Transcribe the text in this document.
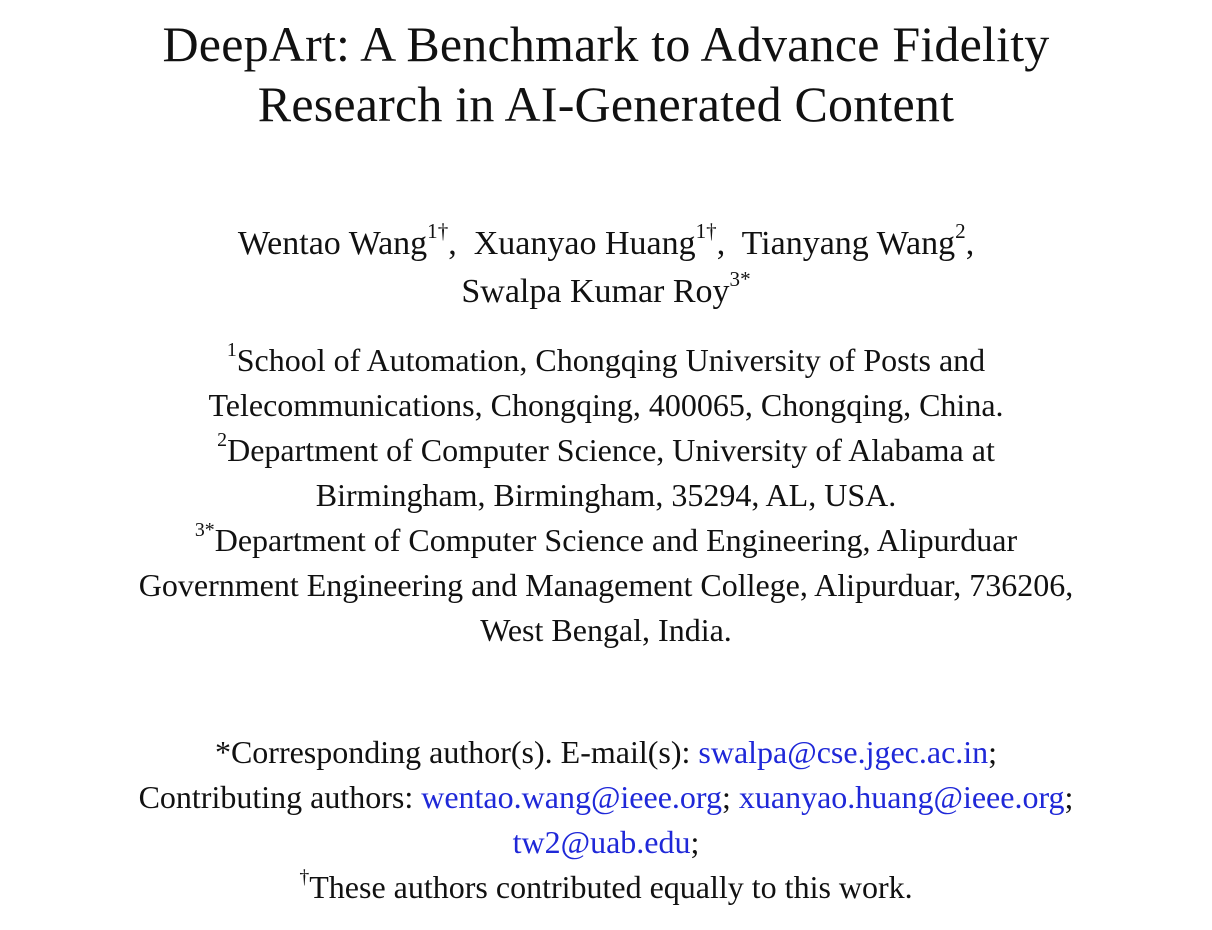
DeepArt: A Benchmark to Advance Fidelity
Research in AI-Generated Content
Wentao Wang$^{1\dagger}$, Xuanyao Huang$^{1\dagger}$, Tianyang Wang$^2$,
Swalpa Kumar Roy$^{3*}$
$^1$School of Automation, Chongqing University of Posts and
Telecommunications, Chongqing, 400065, Chongqing, China.
$^2$Department of Computer Science, University of Alabama at
Birmingham, Birmingham, 35294, AL, USA.
$^{3*}$Department of Computer Science and Engineering, Alipurduar
Government Engineering and Management College, Alipurduar, 736206,
West Bengal, India.
*Corresponding author(s). E-mail(s): swalpa@cse.jgec.ac.in;
Contributing authors: wentao.wang@ieee.org; xuanyao.huang@ieee.org;
tw2@uab.edu;
†These authors contributed equally to this work.
